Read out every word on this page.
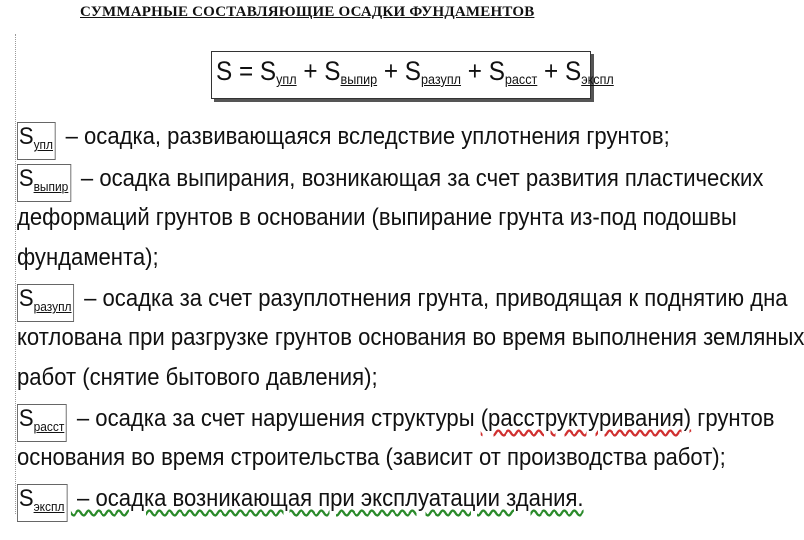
СУММАРНЫЕ СОСТАВЛЯЮЩИЕ ОСАДКИ ФУНДАМЕНТОВ
$S = S_{упл} + S_{выпир} + S_{разупл} + S_{расст} + S_{экспл}$
$S_{упл}$ – осадка, развивающаяся вследствие уплотнения грунтов;
$S_{выпир}$ – осадка выпирания, возникающая за счет развития пластических
деформаций грунтов в основании (выпирание грунта из-под подошвы
фундамента);
$S_{разупл}$ – осадка за счет разуплотнения грунта, приводящая к поднятию дна
котлована при разгрузке грунтов основания во время выполнения земляных
работ (снятие бытового давления);
$S_{расст}$ – осадка за счет нарушения структуры (расструктуривания) грунтов
основания во время строительства (зависит от производства работ);
$S_{экспл}$ – осадка возникающая при эксплуатации здания.
